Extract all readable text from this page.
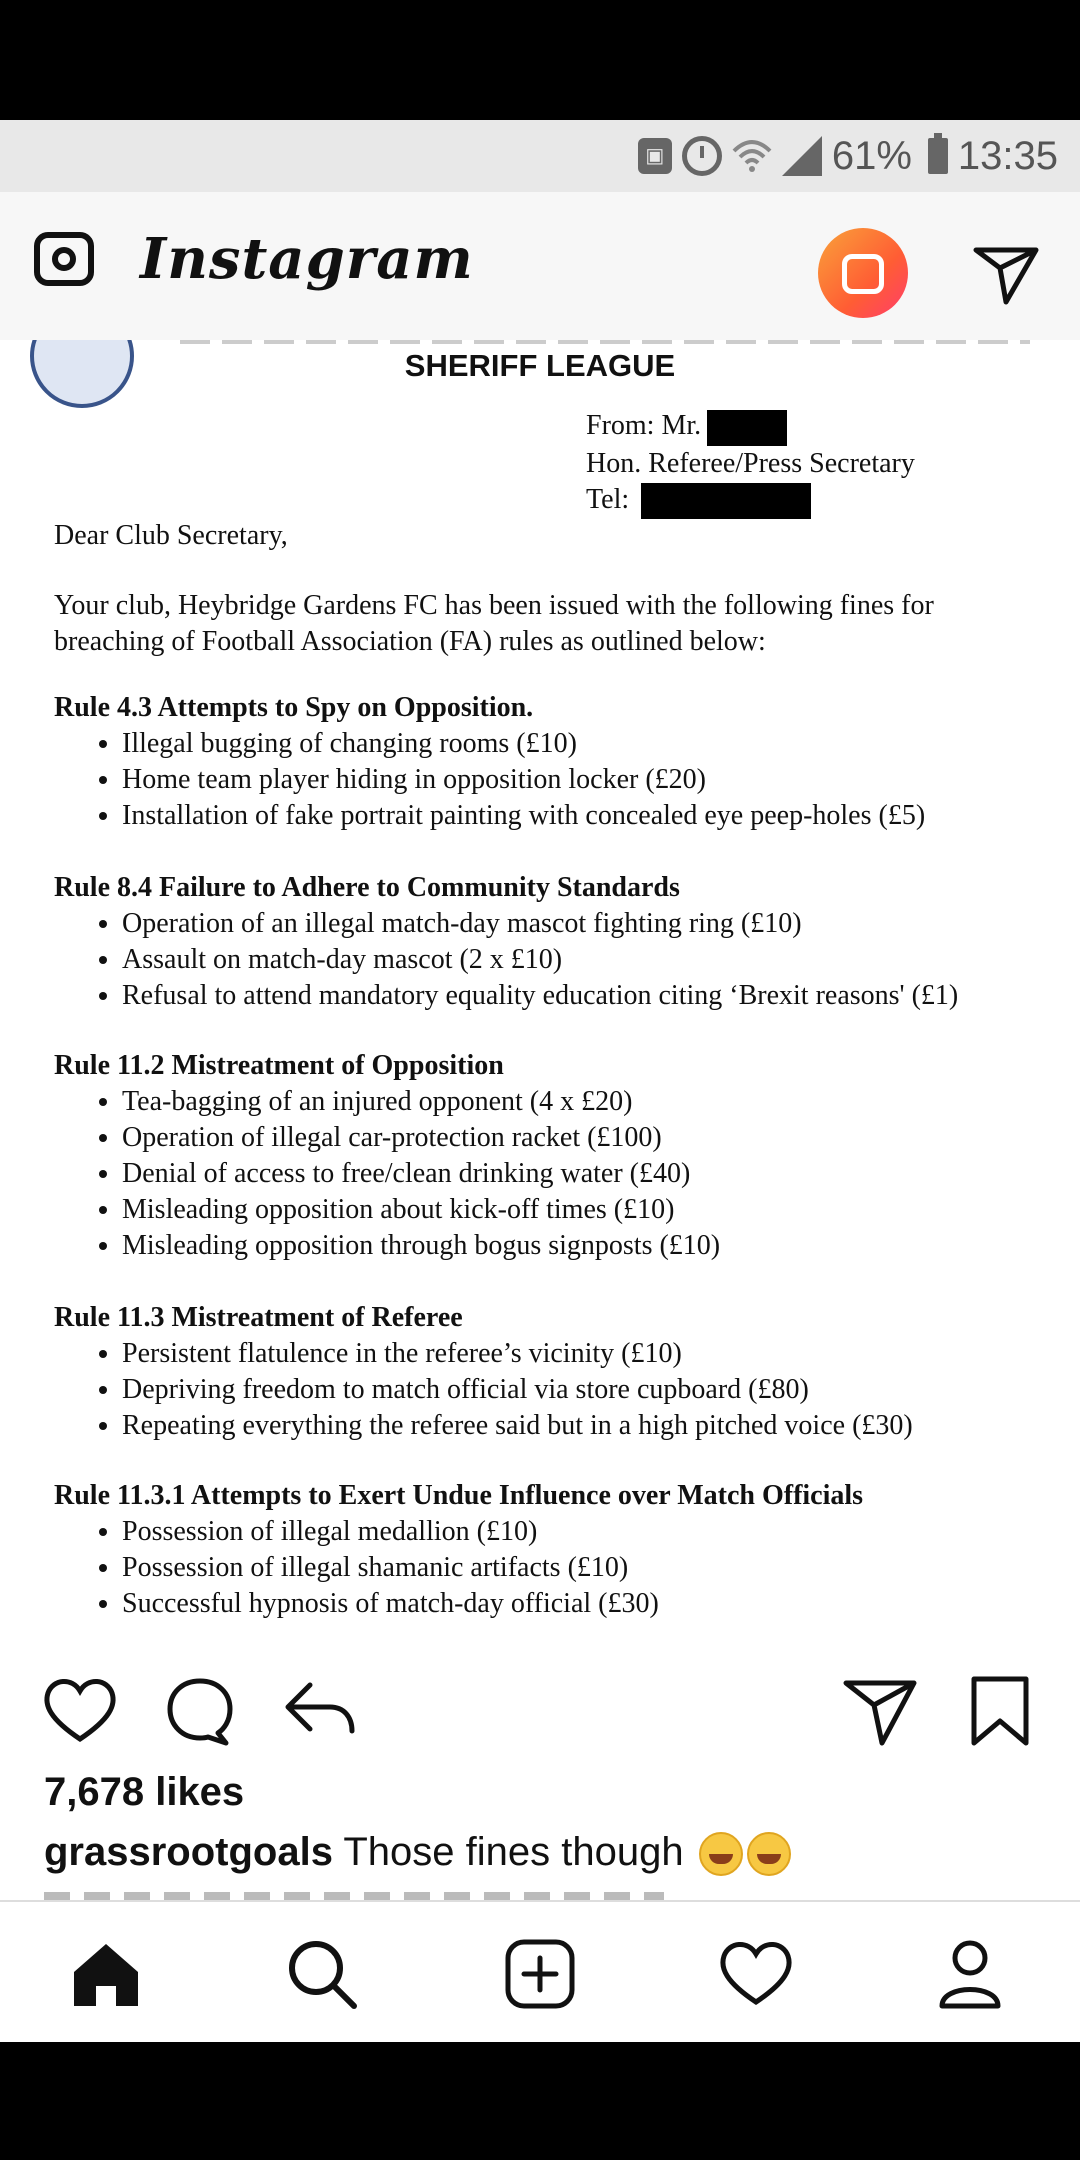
▣	61% 13:35
Instagram
SHERIFF LEAGUE
From: Mr.
Hon. Referee/Press Secretary
Tel:
Dear Club Secretary,
Your club, Heybridge Gardens FC has been issued with the following fines for
breaching of Football Association (FA) rules as outlined below:
Rule 4.3 Attempts to Spy on Opposition.
• Illegal bugging of changing rooms (£10)
• Home team player hiding in opposition locker (£20)
• Installation of fake portrait painting with concealed eye peep-holes (£5)
Rule 8.4 Failure to Adhere to Community Standards
• Operation of an illegal match-day mascot fighting ring (£10)
• Assault on match-day mascot (2 x £10)
• Refusal to attend mandatory equality education citing ‘Brexit reasons' (£1)
Rule 11.2 Mistreatment of Opposition
• Tea-bagging of an injured opponent (4 x £20)
• Operation of illegal car-protection racket (£100)
• Denial of access to free/clean drinking water (£40)
• Misleading opposition about kick-off times (£10)
• Misleading opposition through bogus signposts (£10)
Rule 11.3 Mistreatment of Referee
• Persistent flatulence in the referee’s vicinity (£10)
• Depriving freedom to match official via store cupboard (£80)
• Repeating everything the referee said but in a high pitched voice (£30)
Rule 11.3.1 Attempts to Exert Undue Influence over Match Officials
• Possession of illegal medallion (£10)
• Possession of illegal shamanic artifacts (£10)
• Successful hypnosis of match-day official (£30)
7,678 likes
grassrootgoals Those fines though
